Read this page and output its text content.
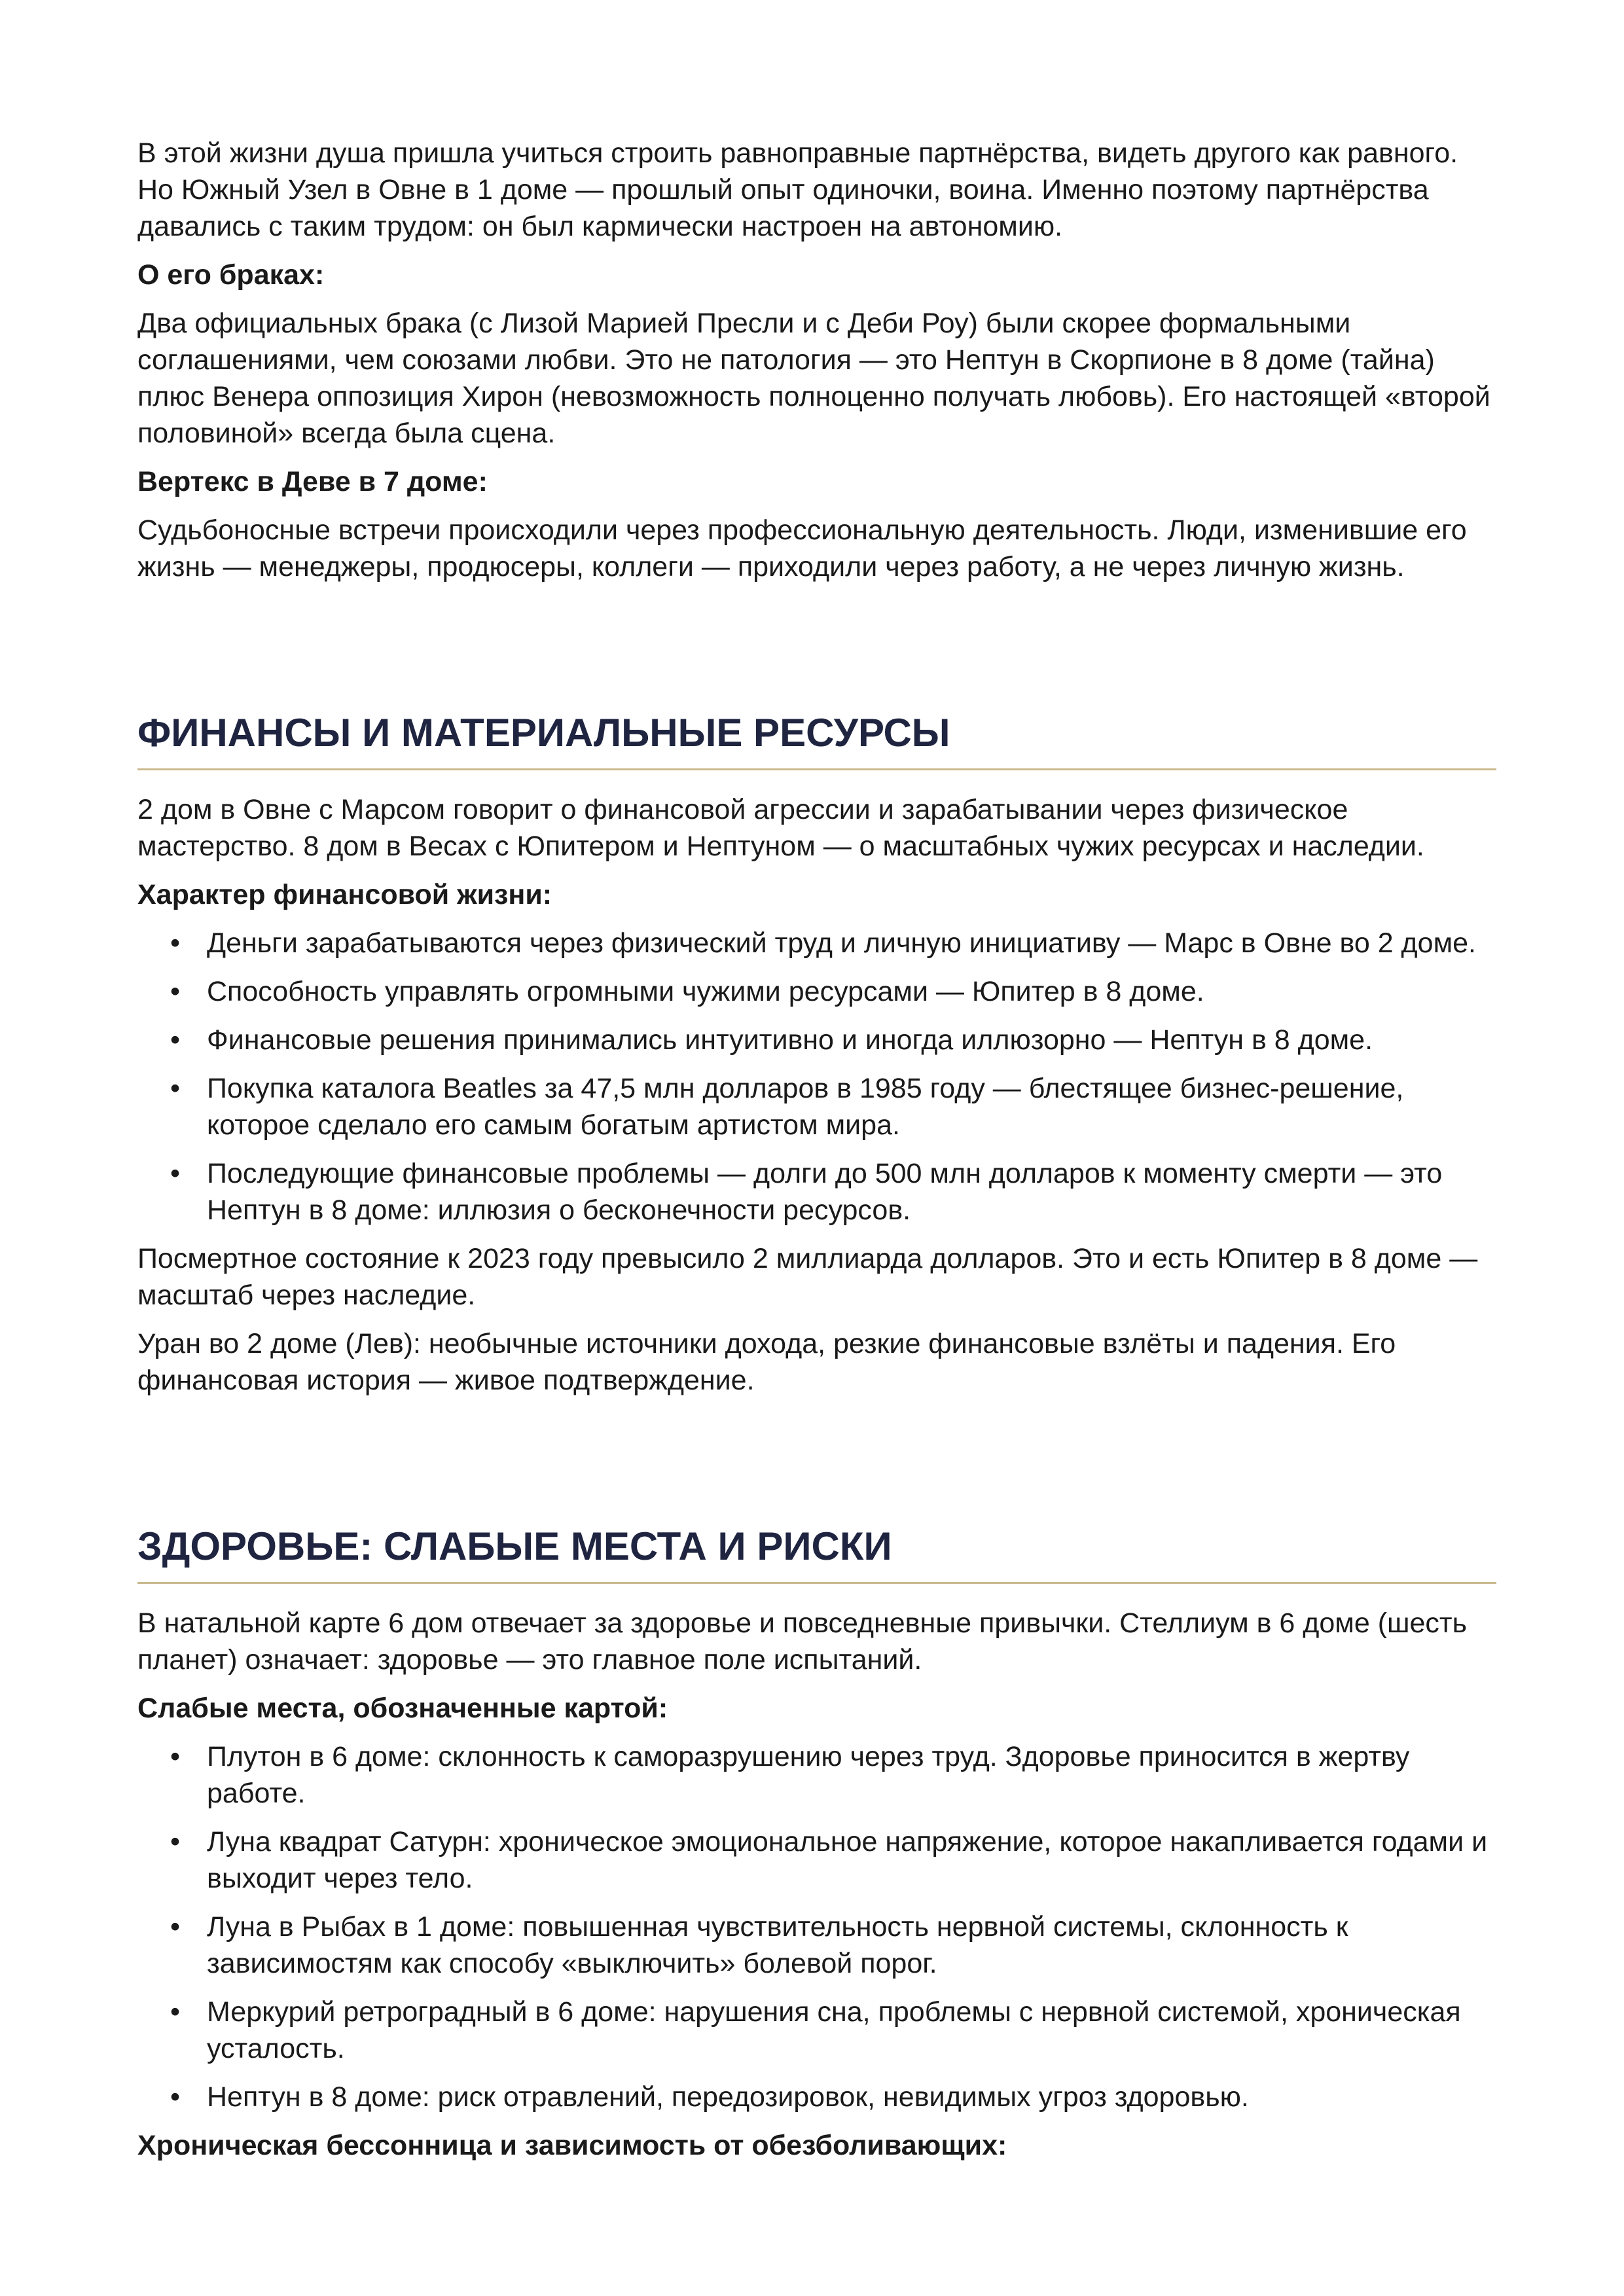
В этой жизни душа пришла учиться строить равноправные партнёрства, видеть другого как равного. Но Южный Узел в Овне в 1 доме — прошлый опыт одиночки, воина. Именно поэтому партнёрства давались с таким трудом: он был кармически настроен на автономию.

О его браках:

Два официальных брака (с Лизой Марией Пресли и с Деби Роу) были скорее формальными соглашениями, чем союзами любви. Это не патология — это Нептун в Скорпионе в 8 доме (тайна) плюс Венера оппозиция Хирон (невозможность полноценно получать любовь). Его настоящей «второй половиной» всегда была сцена.

Вертекс в Деве в 7 доме:

Судьбоносные встречи происходили через профессиональную деятельность. Люди, изменившие его жизнь — менеджеры, продюсеры, коллеги — приходили через работу, а не через личную жизнь.

ФИНАНСЫ И МАТЕРИАЛЬНЫЕ РЕСУРСЫ

2 дом в Овне с Марсом говорит о финансовой агрессии и зарабатывании через физическое мастерство. 8 дом в Весах с Юпитером и Нептуном — о масштабных чужих ресурсах и наследии.

Характер финансовой жизни:
• Деньги зарабатываются через физический труд и личную инициативу — Марс в Овне во 2 доме.
• Способность управлять огромными чужими ресурсами — Юпитер в 8 доме.
• Финансовые решения принимались интуитивно и иногда иллюзорно — Нептун в 8 доме.
• Покупка каталога Beatles за 47,5 млн долларов в 1985 году — блестящее бизнес-решение, которое сделало его самым богатым артистом мира.
• Последующие финансовые проблемы — долги до 500 млн долларов к моменту смерти — это Нептун в 8 доме: иллюзия о бесконечности ресурсов.

Посмертное состояние к 2023 году превысило 2 миллиарда долларов. Это и есть Юпитер в 8 доме — масштаб через наследие.

Уран во 2 доме (Лев): необычные источники дохода, резкие финансовые взлёты и падения. Его финансовая история — живое подтверждение.

ЗДОРОВЬЕ: СЛАБЫЕ МЕСТА И РИСКИ

В натальной карте 6 дом отвечает за здоровье и повседневные привычки. Стеллиум в 6 доме (шесть планет) означает: здоровье — это главное поле испытаний.

Слабые места, обозначенные картой:
• Плутон в 6 доме: склонность к саморазрушению через труд. Здоровье приносится в жертву работе.
• Луна квадрат Сатурн: хроническое эмоциональное напряжение, которое накапливается годами и выходит через тело.
• Луна в Рыбах в 1 доме: повышенная чувствительность нервной системы, склонность к зависимостям как способу «выключить» болевой порог.
• Меркурий ретроградный в 6 доме: нарушения сна, проблемы с нервной системой, хроническая усталость.
• Нептун в 8 доме: риск отравлений, передозировок, невидимых угроз здоровью.
Хроническая бессонница и зависимость от обезболивающих:
